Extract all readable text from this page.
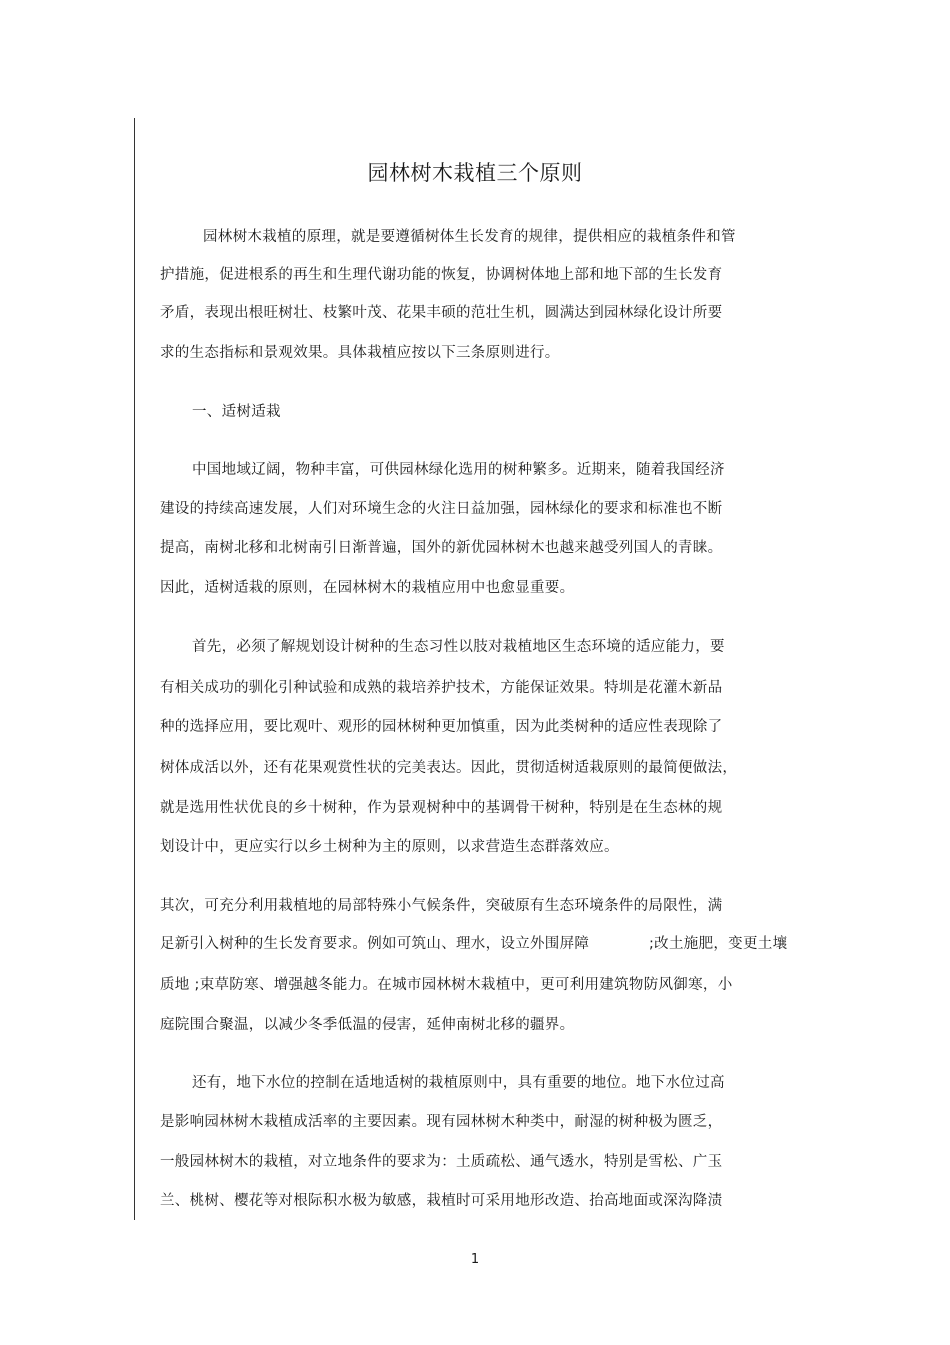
园林树木栽植三个原则
园林树木栽植的原理，就是要遵循树体生长发育的规律，提供相应的栽植条件和管
护措施，促进根系的再生和生理代谢功能的恢复，协调树体地上部和地下部的生长发育
矛盾，表现出根旺树壮、枝繁叶茂、花果丰硕的范壮生机，圆满达到园林绿化设计所要
求的生态指标和景观效果。具体栽植应按以下三条原则进行。
一、适树适栽
中国地域辽阔，物种丰富，可供园林绿化选用的树种繁多。近期来，随着我国经济
建设的持续高速发展，人们对环境生念的火注日益加强，园林绿化的要求和标准也不断
提高，南树北移和北树南引日渐普遍，国外的新优园林树木也越来越受列国人的青睐。
因此，适树适栽的原则，在园林树木的栽植应用中也愈显重要。
首先，必须了解规划设计树种的生态习性以肢对栽植地区生态环境的适应能力，要
有相关成功的驯化引种试验和成熟的栽培养护技术，方能保证效果。特圳是花灌木新品
种的选择应用，要比观叶、观形的园林树种更加慎重，因为此类树种的适应性表现除了
树体成活以外，还有花果观赏性状的完美表达。因此，贯彻适树适栽原则的最简便做法，
就是选用性状优良的乡十树种，作为景观树种中的基调骨干树种，特别是在生态林的规
划设计中，更应实行以乡土树种为主的原则，以求营造生态群落效应。
其次，可充分利用栽植地的局部特殊小气候条件，突破原有生态环境条件的局限性，满
足新引入树种的生长发育要求。例如可筑山、理水，设立外围屏障	;改土施肥，变更土壤
质地 ;束草防寒、增强越冬能力。在城市园林树木栽植中，更可利用建筑物防风御寒，小
庭院围合聚温，以减少冬季低温的侵害，延伸南树北移的疆界。
还有，地下水位的控制在适地适树的栽植原则中，具有重要的地位。地下水位过高
是影响园林树木栽植成活率的主要因素。现有园林树木种类中，耐湿的树种极为匮乏，
一般园林树木的栽植，对立地条件的要求为：土质疏松、通气透水，特别是雪松、广玉
兰、桃树、樱花等对根际积水极为敏感，栽植时可采用地形改造、抬高地面或深沟降渍
1
